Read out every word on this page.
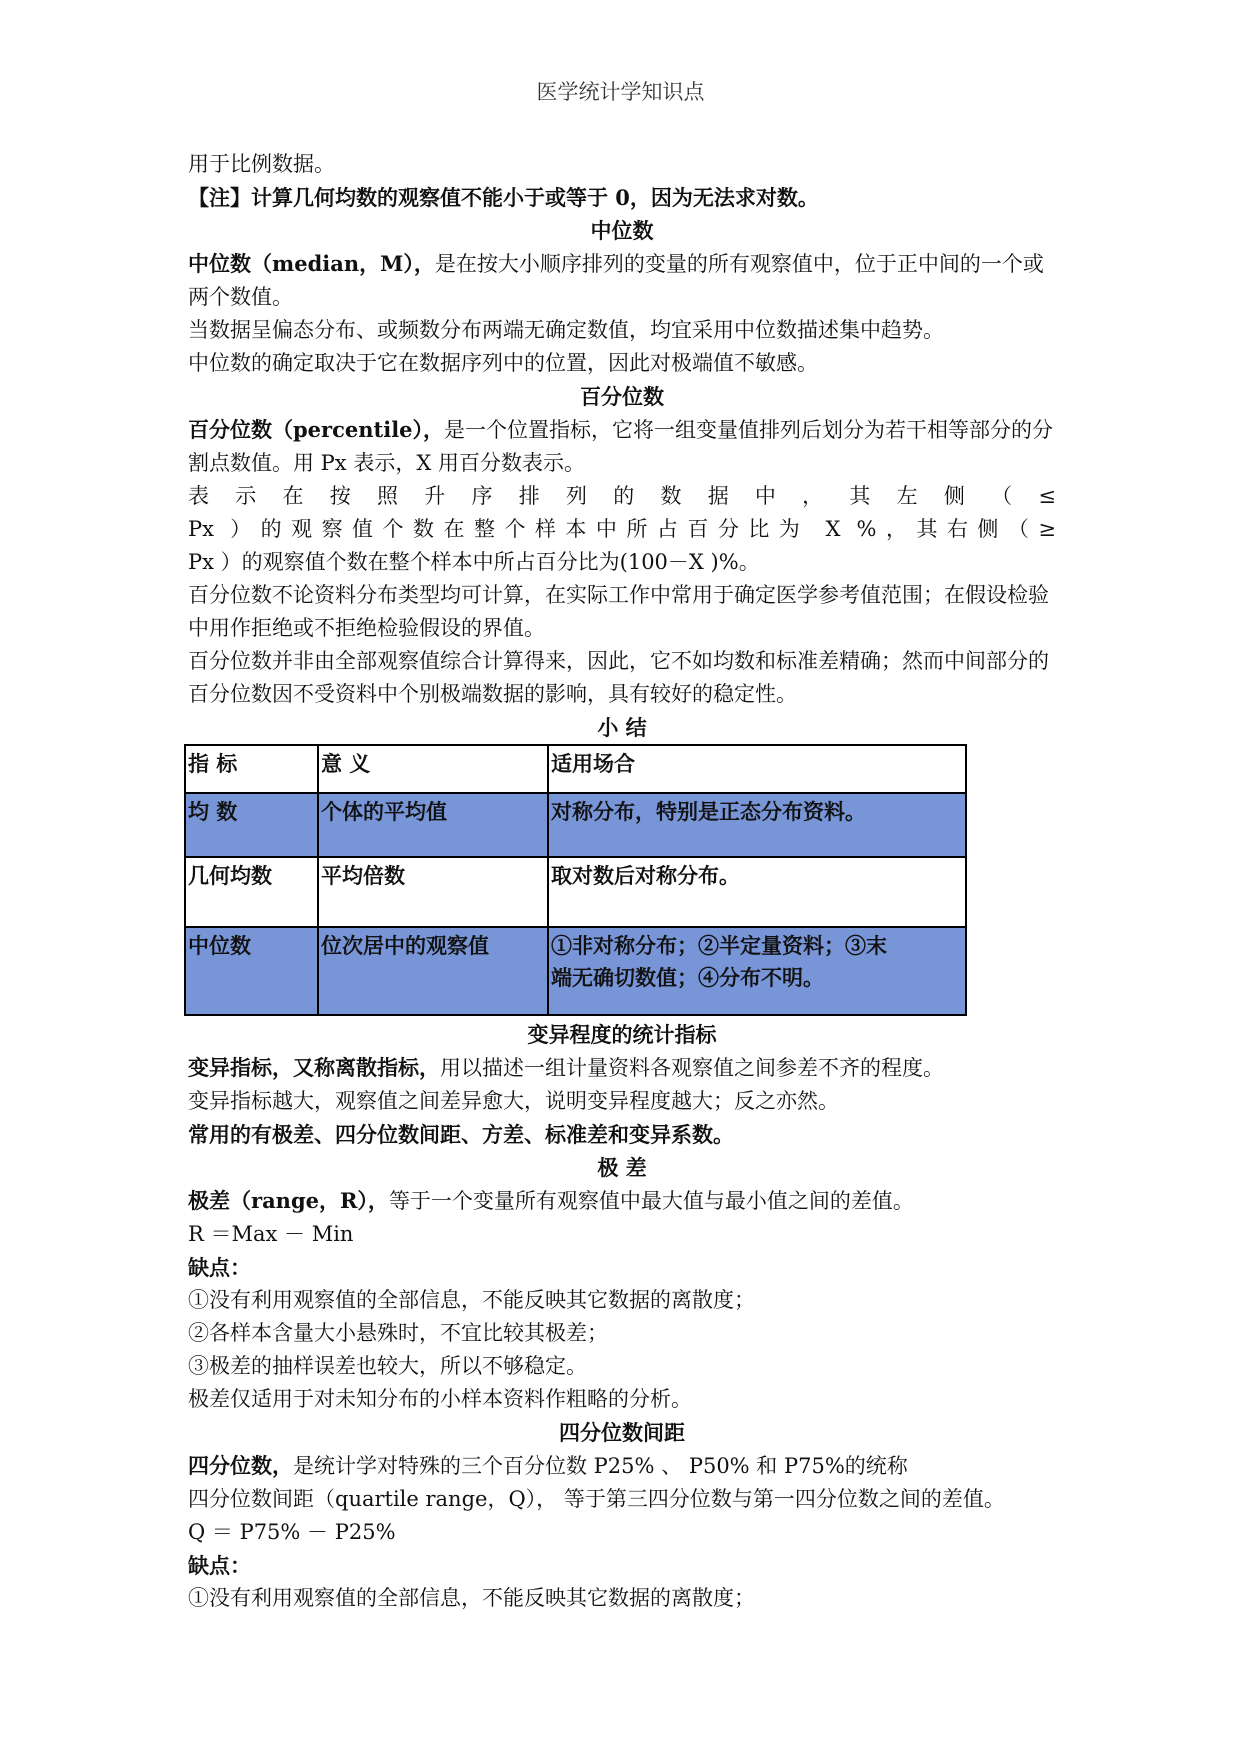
医学统计学知识点

用于比例数据。

【注】计算几何均数的观察值不能小于或等于 0，因为无法求对数。

中位数

中位数（median，M），是在按大小顺序排列的变量的所有观察值中，位于正中间的一个或两个数值。

当数据呈偏态分布、或频数分布两端无确定数值，均宜采用中位数描述集中趋势。

中位数的确定取决于它在数据序列中的位置，因此对极端值不敏感。

百分位数

百分位数（percentile），是一个位置指标，它将一组变量值排列后划分为若干相等部分的分割点数值。用 Px 表示，X 用百分数表示。

表 示 在 按 照 升 序 排 列 的 数 据 中 ， 其 左 侧 （ ≤

Px ）的观察值个数在整个样本中所占百分比为 X %，其右侧（≥

Px ）的观察值个数在整个样本中所占百分比为(100－X )%。

百分位数不论资料分布类型均可计算，在实际工作中常用于确定医学参考值范围；在假设检验中用作拒绝或不拒绝检验假设的界值。

百分位数并非由全部观察值综合计算得来，因此，它不如均数和标准差精确；然而中间部分的百分位数因不受资料中个别极端数据的影响，具有较好的稳定性。

小 结

指 标	意 义	适用场合
均 数	个体的平均值	对称分布，特别是正态分布资料。
几何均数	平均倍数	取对数后对称分布。
中位数	位次居中的观察值	①非对称分布；②半定量资料；③末端无确切数值；④分布不明。

变异程度的统计指标

变异指标，又称离散指标，用以描述一组计量资料各观察值之间参差不齐的程度。

变异指标越大，观察值之间差异愈大，说明变异程度越大；反之亦然。

常用的有极差、四分位数间距、方差、标准差和变异系数。

极 差

极差（range，R），等于一个变量所有观察值中最大值与最小值之间的差值。

R ＝Max － Min

缺点：

①没有利用观察值的全部信息，不能反映其它数据的离散度；

②各样本含量大小悬殊时，不宜比较其极差；

③极差的抽样误差也较大，所以不够稳定。

极差仅适用于对未知分布的小样本资料作粗略的分析。

四分位数间距

四分位数，是统计学对特殊的三个百分位数 P25% 、 P50% 和 P75%的统称

四分位数间距（quartile range，Q）， 等于第三四分位数与第一四分位数之间的差值。

Q ＝ P75% － P25%

缺点：

①没有利用观察值的全部信息，不能反映其它数据的离散度；
